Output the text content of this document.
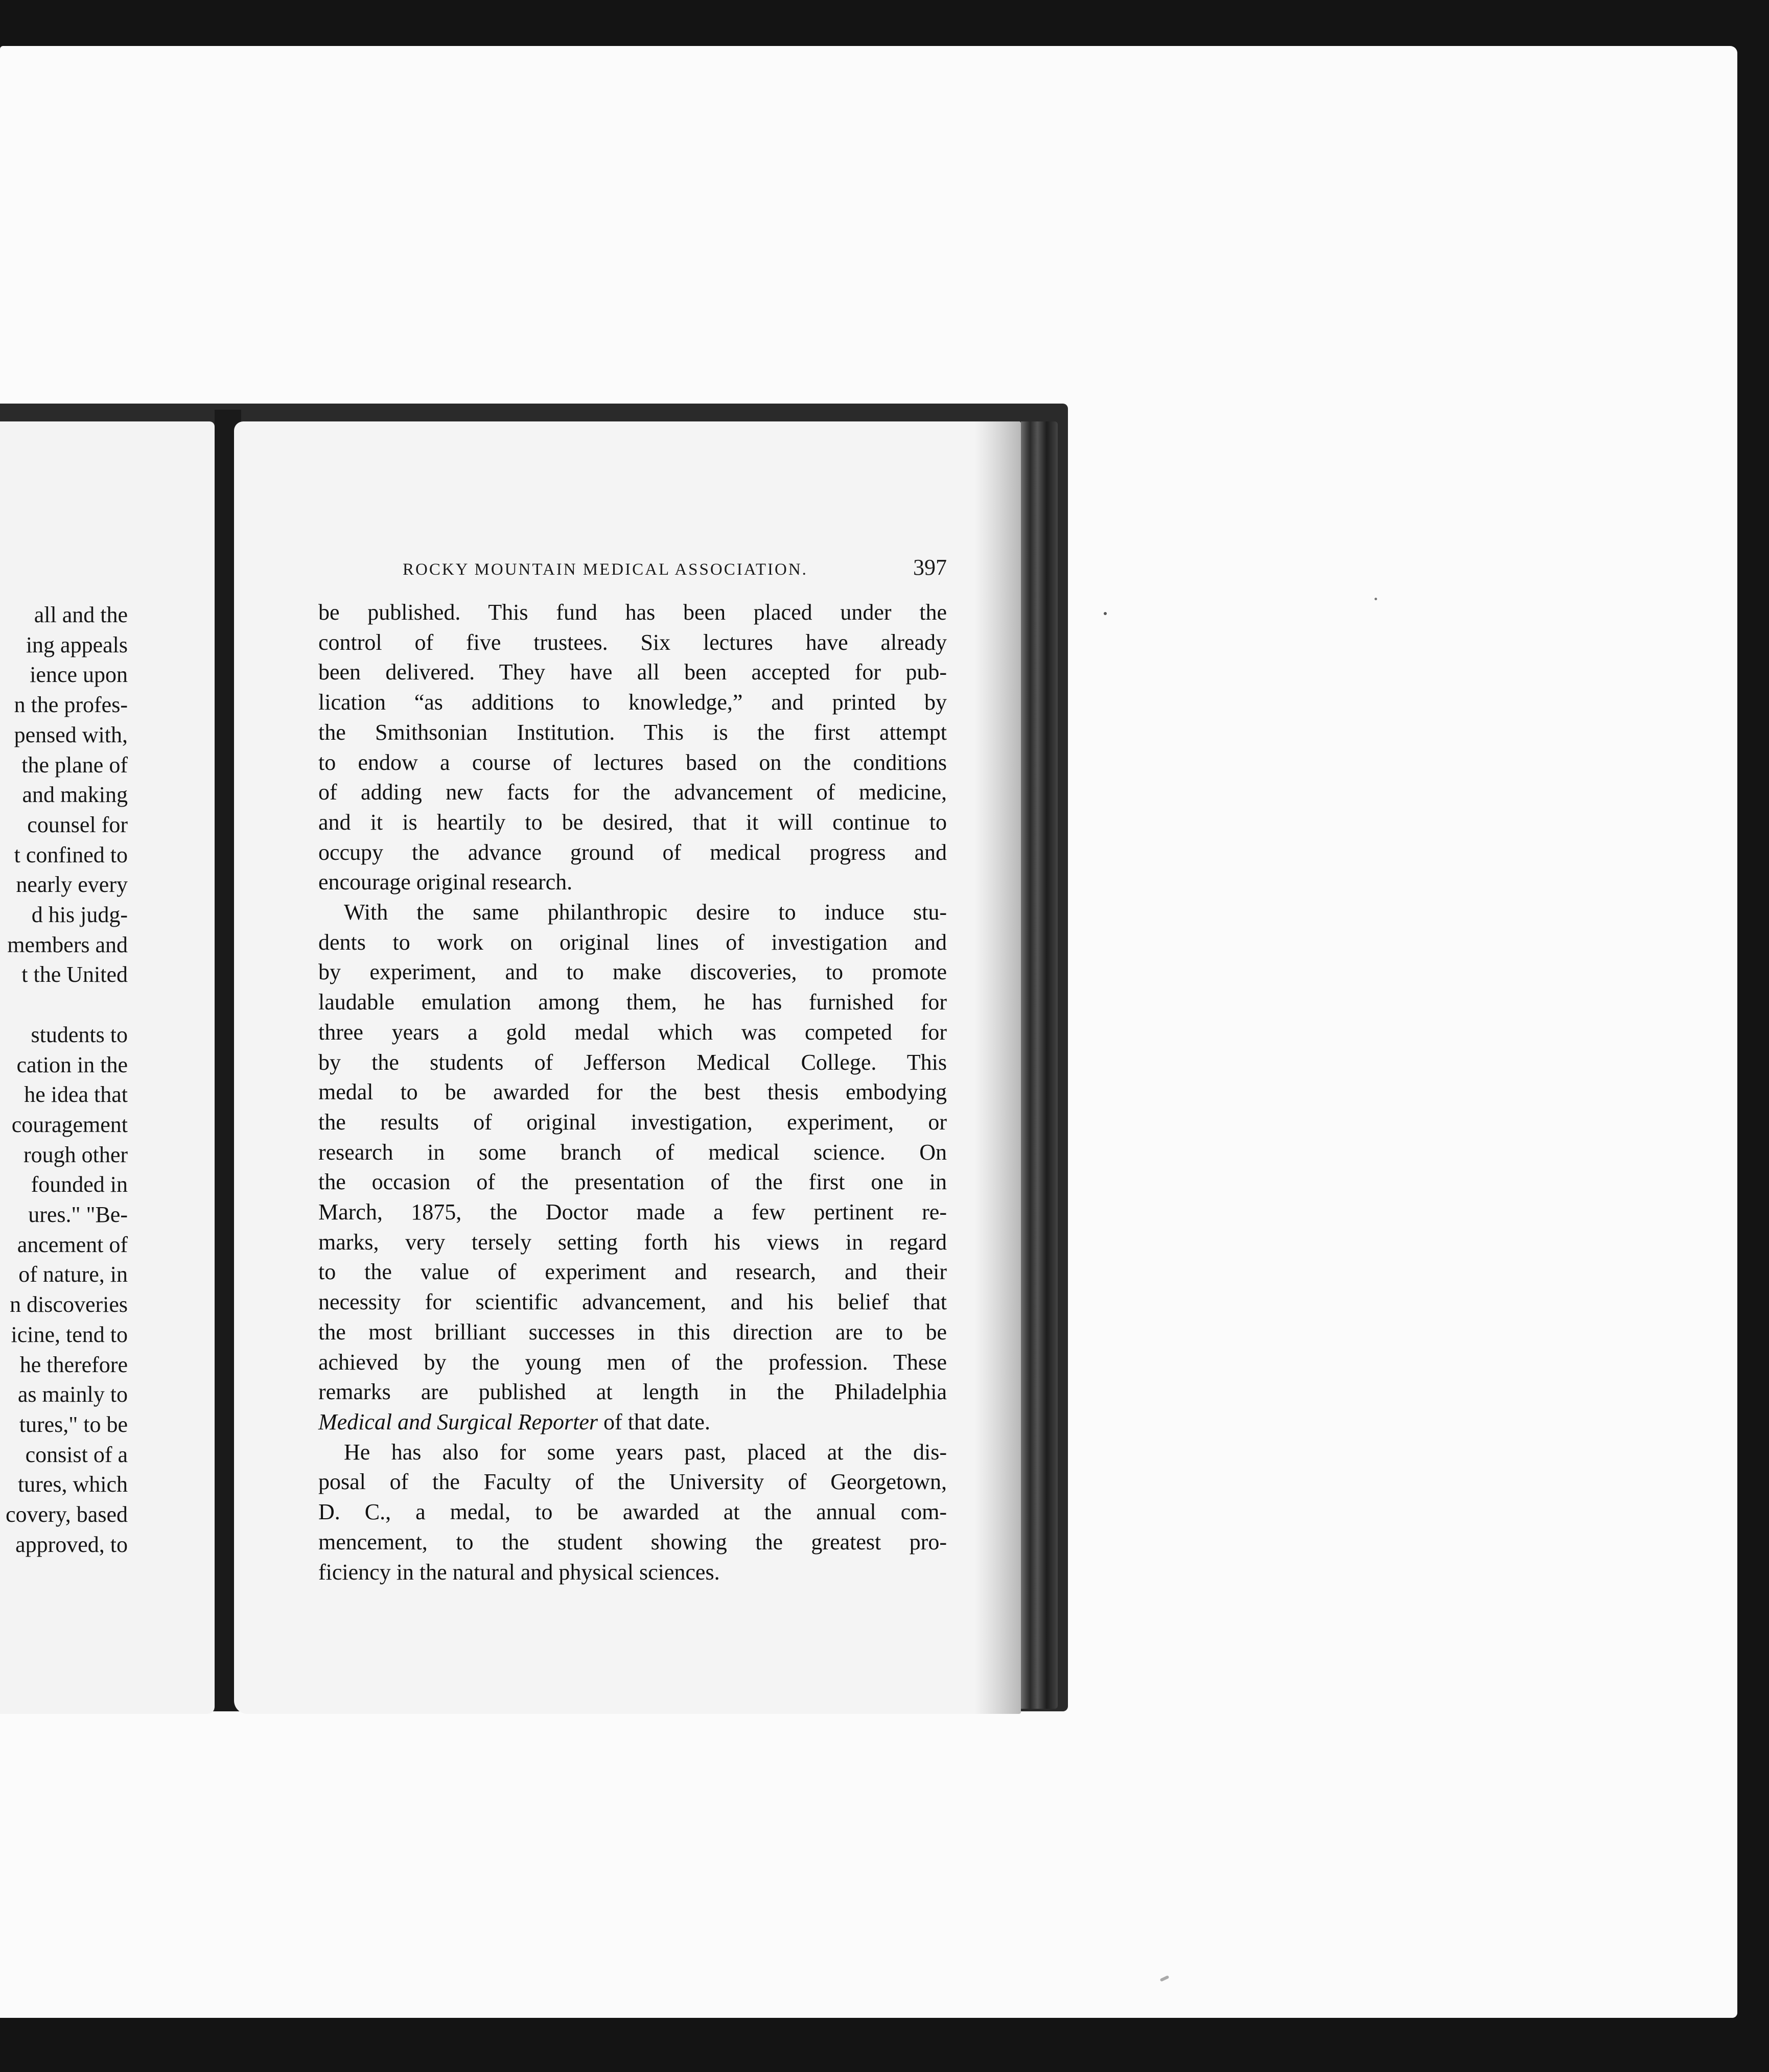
all and the
ing appeals
ience upon
n the profes-
pensed with,
the plane of
and making
counsel for
t confined to
nearly every
d his judg-
members and
t the United
students to
cation in the
he idea that
couragement
rough other
founded in
ures." "Be-
ancement of
of nature, in
n discoveries
icine, tend to
he therefore
as mainly to
tures," to be
consist of a
tures, which
covery, based
approved, to
ROCKY MOUNTAIN MEDICAL ASSOCIATION.	397
be published. This fund has been placed under the
control of five trustees. Six lectures have already
been delivered. They have all been accepted for pub-
lication “as additions to knowledge,” and printed by
the Smithsonian Institution. This is the first attempt
to endow a course of lectures based on the conditions
of adding new facts for the advancement of medicine,
and it is heartily to be desired, that it will continue to
occupy the advance ground of medical progress and
encourage original research.
With the same philanthropic desire to induce stu-
dents to work on original lines of investigation and
by experiment, and to make discoveries, to promote
laudable emulation among them, he has furnished for
three years a gold medal which was competed for
by the students of Jefferson Medical College. This
medal to be awarded for the best thesis embodying
the results of original investigation, experiment, or
research in some branch of medical science. On
the occasion of the presentation of the first one in
March, 1875, the Doctor made a few pertinent re-
marks, very tersely setting forth his views in regard
to the value of experiment and research, and their
necessity for scientific advancement, and his belief that
the most brilliant successes in this direction are to be
achieved by the young men of the profession. These
remarks are published at length in the Philadelphia
Medical and Surgical Reporter of that date.
He has also for some years past, placed at the dis-
posal of the Faculty of the University of Georgetown,
D. C., a medal, to be awarded at the annual com-
mencement, to the student showing the greatest pro-
ficiency in the natural and physical sciences.
